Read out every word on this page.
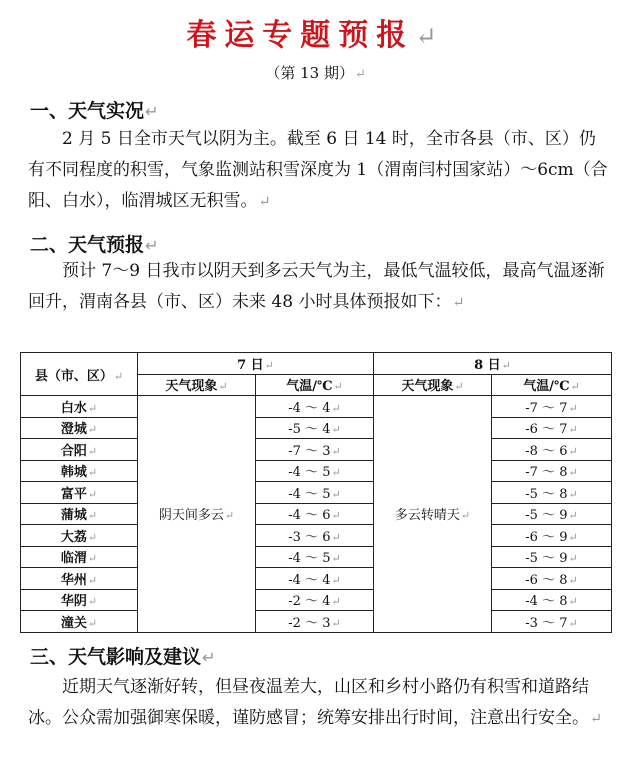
春运专题预报↵
（第 13 期）↵
一、天气实况↵
2 月 5 日全市天气以阴为主。截至 6 日 14 时，全市各县（市、区）仍有不同程度的积雪，气象监测站积雪深度为 1（渭南闫村国家站）～6cm（合阳、白水），临渭城区无积雪。↵
二、天气预报↵
预计 7～9 日我市以阴天到多云天气为主，最低气温较低，最高气温逐渐回升，渭南各县（市、区）未来 48 小时具体预报如下：↵
县（市、区）↵	7 日↵		8 日↵	
	天气现象↵	气温/℃↵	天气现象↵	气温/℃↵
白水↵	阴天间多云↵	-4 ～ 4↵	多云转晴天↵	-7 ～ 7↵
澄城↵		-5 ～ 4↵		-6 ～ 7↵
合阳↵		-7 ～ 3↵		-8 ～ 6↵
韩城↵		-4 ～ 5↵		-7 ～ 8↵
富平↵		-4 ～ 5↵		-5 ～ 8↵
蒲城↵		-4 ～ 6↵		-5 ～ 9↵
大荔↵		-3 ～ 6↵		-6 ～ 9↵
临渭↵		-4 ～ 5↵		-5 ～ 9↵
华州↵		-4 ～ 4↵		-6 ～ 8↵
华阴↵		-2 ～ 4↵		-4 ～ 8↵
潼关↵		-2 ～ 3↵		-3 ～ 7↵
三、天气影响及建议↵
近期天气逐渐好转，但昼夜温差大，山区和乡村小路仍有积雪和道路结冰。公众需加强御寒保暖，谨防感冒；统筹安排出行时间，注意出行安全。↵
